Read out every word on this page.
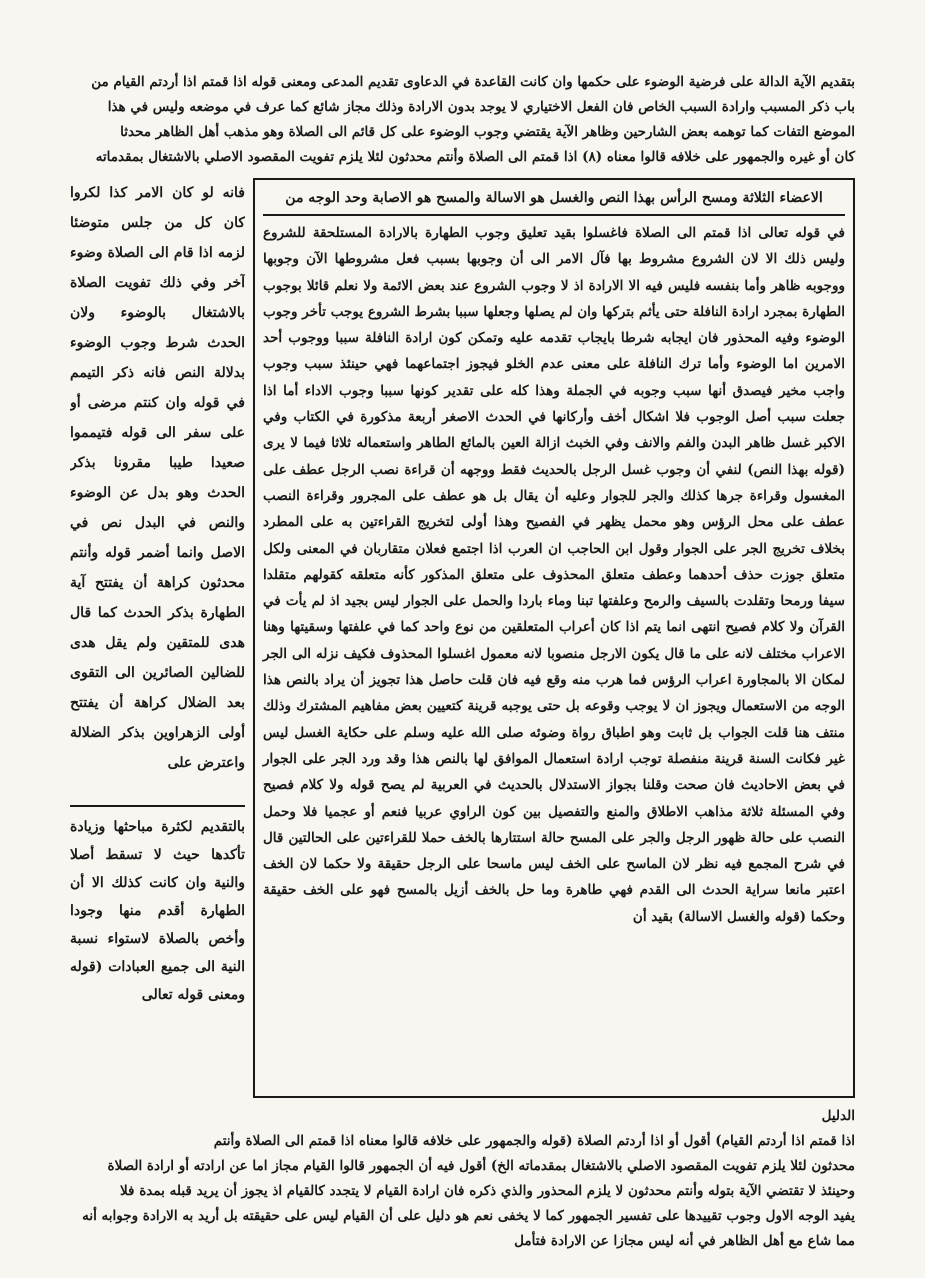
بتقديم الآية الدالة على فرضية الوضوء على حكمها وان كانت القاعدة في الدعاوى تقديم المدعى ومعنى قوله اذا قمتم اذا أردتم القيام من

باب ذكر المسبب وارادة السبب الخاص فان الفعل الاختياري لا يوجد بدون الارادة وذلك مجاز شائع كما عرف في موضعه وليس في هذا

الموضع التفات كما توهمه بعض الشارحين وظاهر الآية يقتضي وجوب الوضوء على كل قائم الى الصلاة وهو مذهب أهل الظاهر محدثا

كان أو غيره والجمهور على خلافه قالوا معناه (٨) اذا قمتم الى الصلاة وأنتم محدثون لئلا يلزم تفويت المقصود الاصلي بالاشتغال بمقدماته

الاعضاء الثلاثة ومسح الرأس بهذا النص والغسل هو الاسالة والمسح هو الاصابة وحد الوجه من
في قوله تعالى اذا قمتم الى الصلاة فاغسلوا بقيد تعليق وجوب الطهارة بالارادة المستلحقة للشروع وليس ذلك الا لان الشروع مشروط بها فآل الامر الى أن وجوبها بسبب فعل مشروطها الآن وجوبها ووجوبه ظاهر وأما بنفسه فليس فيه الا الارادة اذ لا وجوب الشروع عند بعض الائمة ولا نعلم قائلا بوجوب الطهارة بمجرد ارادة النافلة حتى يأثم بتركها وان لم يصلها وجعلها سببا بشرط الشروع يوجب تأخر وجوب الوضوء وفيه المحذور فان ايجابه شرطا بايجاب تقدمه عليه وتمكن كون ارادة النافلة سببا ووجوب أحد الامرين اما الوضوء وأما ترك النافلة على معنى عدم الخلو فيجوز اجتماعهما فهي حينئذ سبب وجوب واجب مخير فيصدق أنها سبب وجوبه في الجملة وهذا كله على تقدير كونها سببا وجوب الاداء أما اذا جعلت سبب أصل الوجوب فلا اشكال أخف وأركانها في الحدث الاصغر أربعة مذكورة في الكتاب وفي الاكبر غسل ظاهر البدن والفم والانف وفي الخبث ازالة العين بالمائع الطاهر واستعماله ثلاثا فيما لا يرى (قوله بهذا النص) لنفي أن وجوب غسل الرجل بالحديث فقط ووجهه أن قراءة نصب الرجل عطف على المغسول وقراءة جرها كذلك والجر للجوار وعليه أن يقال بل هو عطف على المجرور وقراءة النصب عطف على محل الرؤس وهو محمل يظهر في الفصيح وهذا أولى لتخريج القراءتين به على المطرد بخلاف تخريج الجر على الجوار وقول ابن الحاجب ان العرب اذا اجتمع فعلان متقاربان في المعنى ولكل متعلق جوزت حذف أحدهما وعطف متعلق المحذوف على متعلق المذكور كأنه متعلقه كقولهم متقلدا سيفا ورمحا وتقلدت بالسيف والرمح وعلفتها تبنا وماء باردا والحمل على الجوار ليس بجيد اذ لم يأت في القرآن ولا كلام فصيح انتهى انما يتم اذا كان أعراب المتعلقين من نوع واحد كما في علفتها وسقيتها وهنا الاعراب مختلف لانه على ما قال يكون الارجل منصوبا لانه معمول اغسلوا المحذوف فكيف نزله الى الجر لمكان الا بالمجاورة اعراب الرؤس فما هرب منه وقع فيه فان قلت حاصل هذا تجويز أن يراد بالنص هذا الوجه من الاستعمال ويجوز ان لا يوجب وقوعه بل حتى يوجبه قرينة كتعيين بعض مفاهيم المشترك وذلك منتف هنا قلت الجواب بل ثابت وهو اطباق رواة وضوئه صلى الله عليه وسلم على حكاية الغسل ليس غير فكانت السنة قرينة منفصلة توجب ارادة استعمال الموافق لها بالنص هذا وقد ورد الجر على الجوار في بعض الاحاديث فان صحت وقلنا بجواز الاستدلال بالحديث في العربية لم يصح قوله ولا كلام فصيح وفي المسئلة ثلاثة مذاهب الاطلاق والمنع والتفصيل بين كون الراوي عربيا فنعم أو عجميا فلا وحمل النصب على حالة ظهور الرجل والجر على المسح حالة استتارها بالخف حملا للقراءتين على الحالتين قال في شرح المجمع فيه نظر لان الماسح على الخف ليس ماسحا على الرجل حقيقة ولا حكما لان الخف اعتبر مانعا سراية الحدث الى القدم فهي طاهرة وما حل بالخف أزيل بالمسح فهو على الخف حقيقة وحكما (قوله والغسل الاسالة) بقيد أن
فانه لو كان الامر كذا لكروا كان كل من جلس متوضئا لزمه اذا قام الى الصلاة وضوء آخر وفي ذلك تفويت الصلاة بالاشتغال بالوضوء ولان الحدث شرط وجوب الوضوء بدلالة النص فانه ذكر التيمم في قوله وان كنتم مرضى أو على سفر الى قوله فتيمموا صعيدا طيبا مقرونا بذكر الحدث وهو بدل عن الوضوء والنص في البدل نص في الاصل وانما أضمر قوله وأنتم محدثون كراهة أن يفتتح آية الطهارة بذكر الحدث كما قال هدى للمتقين ولم يقل هدى للضالين الصائرين الى التقوى بعد الضلال كراهة أن يفتتح أولى الزهراوين بذكر الضلالة واعترض على
بالتقديم لكثرة مباحثها وزيادة تأكدها حيث لا تسقط أصلا والنية وان كانت كذلك الا أن الطهارة أقدم منها وجودا وأخص بالصلاة لاستواء نسبة النية الى جميع العبادات (قوله ومعنى قوله تعالى
الدليل

اذا قمتم اذا أردتم القيام) أقول أو اذا أردتم الصلاة (قوله والجمهور على خلافه قالوا معناه اذا قمتم الى الصلاة وأنتم

محدثون لئلا يلزم تفويت المقصود الاصلي بالاشتغال بمقدماته الخ) أقول فيه أن الجمهور قالوا القيام مجاز اما عن ارادته أو ارادة الصلاة

وحينئذ لا تقتضي الآية بتوله وأنتم محدثون لا يلزم المحذور والذي ذكره فان ارادة القيام لا يتجدد كالقيام اذ يجوز أن يريد قبله بمدة فلا

يفيد الوجه الاول وجوب تقييدها على تفسير الجمهور كما لا يخفى نعم هو دليل على أن القيام ليس على حقيقته بل أريد به الارادة وجوابه أنه

مما شاع مع أهل الظاهر في أنه ليس مجازا عن الارادة فتأمل
